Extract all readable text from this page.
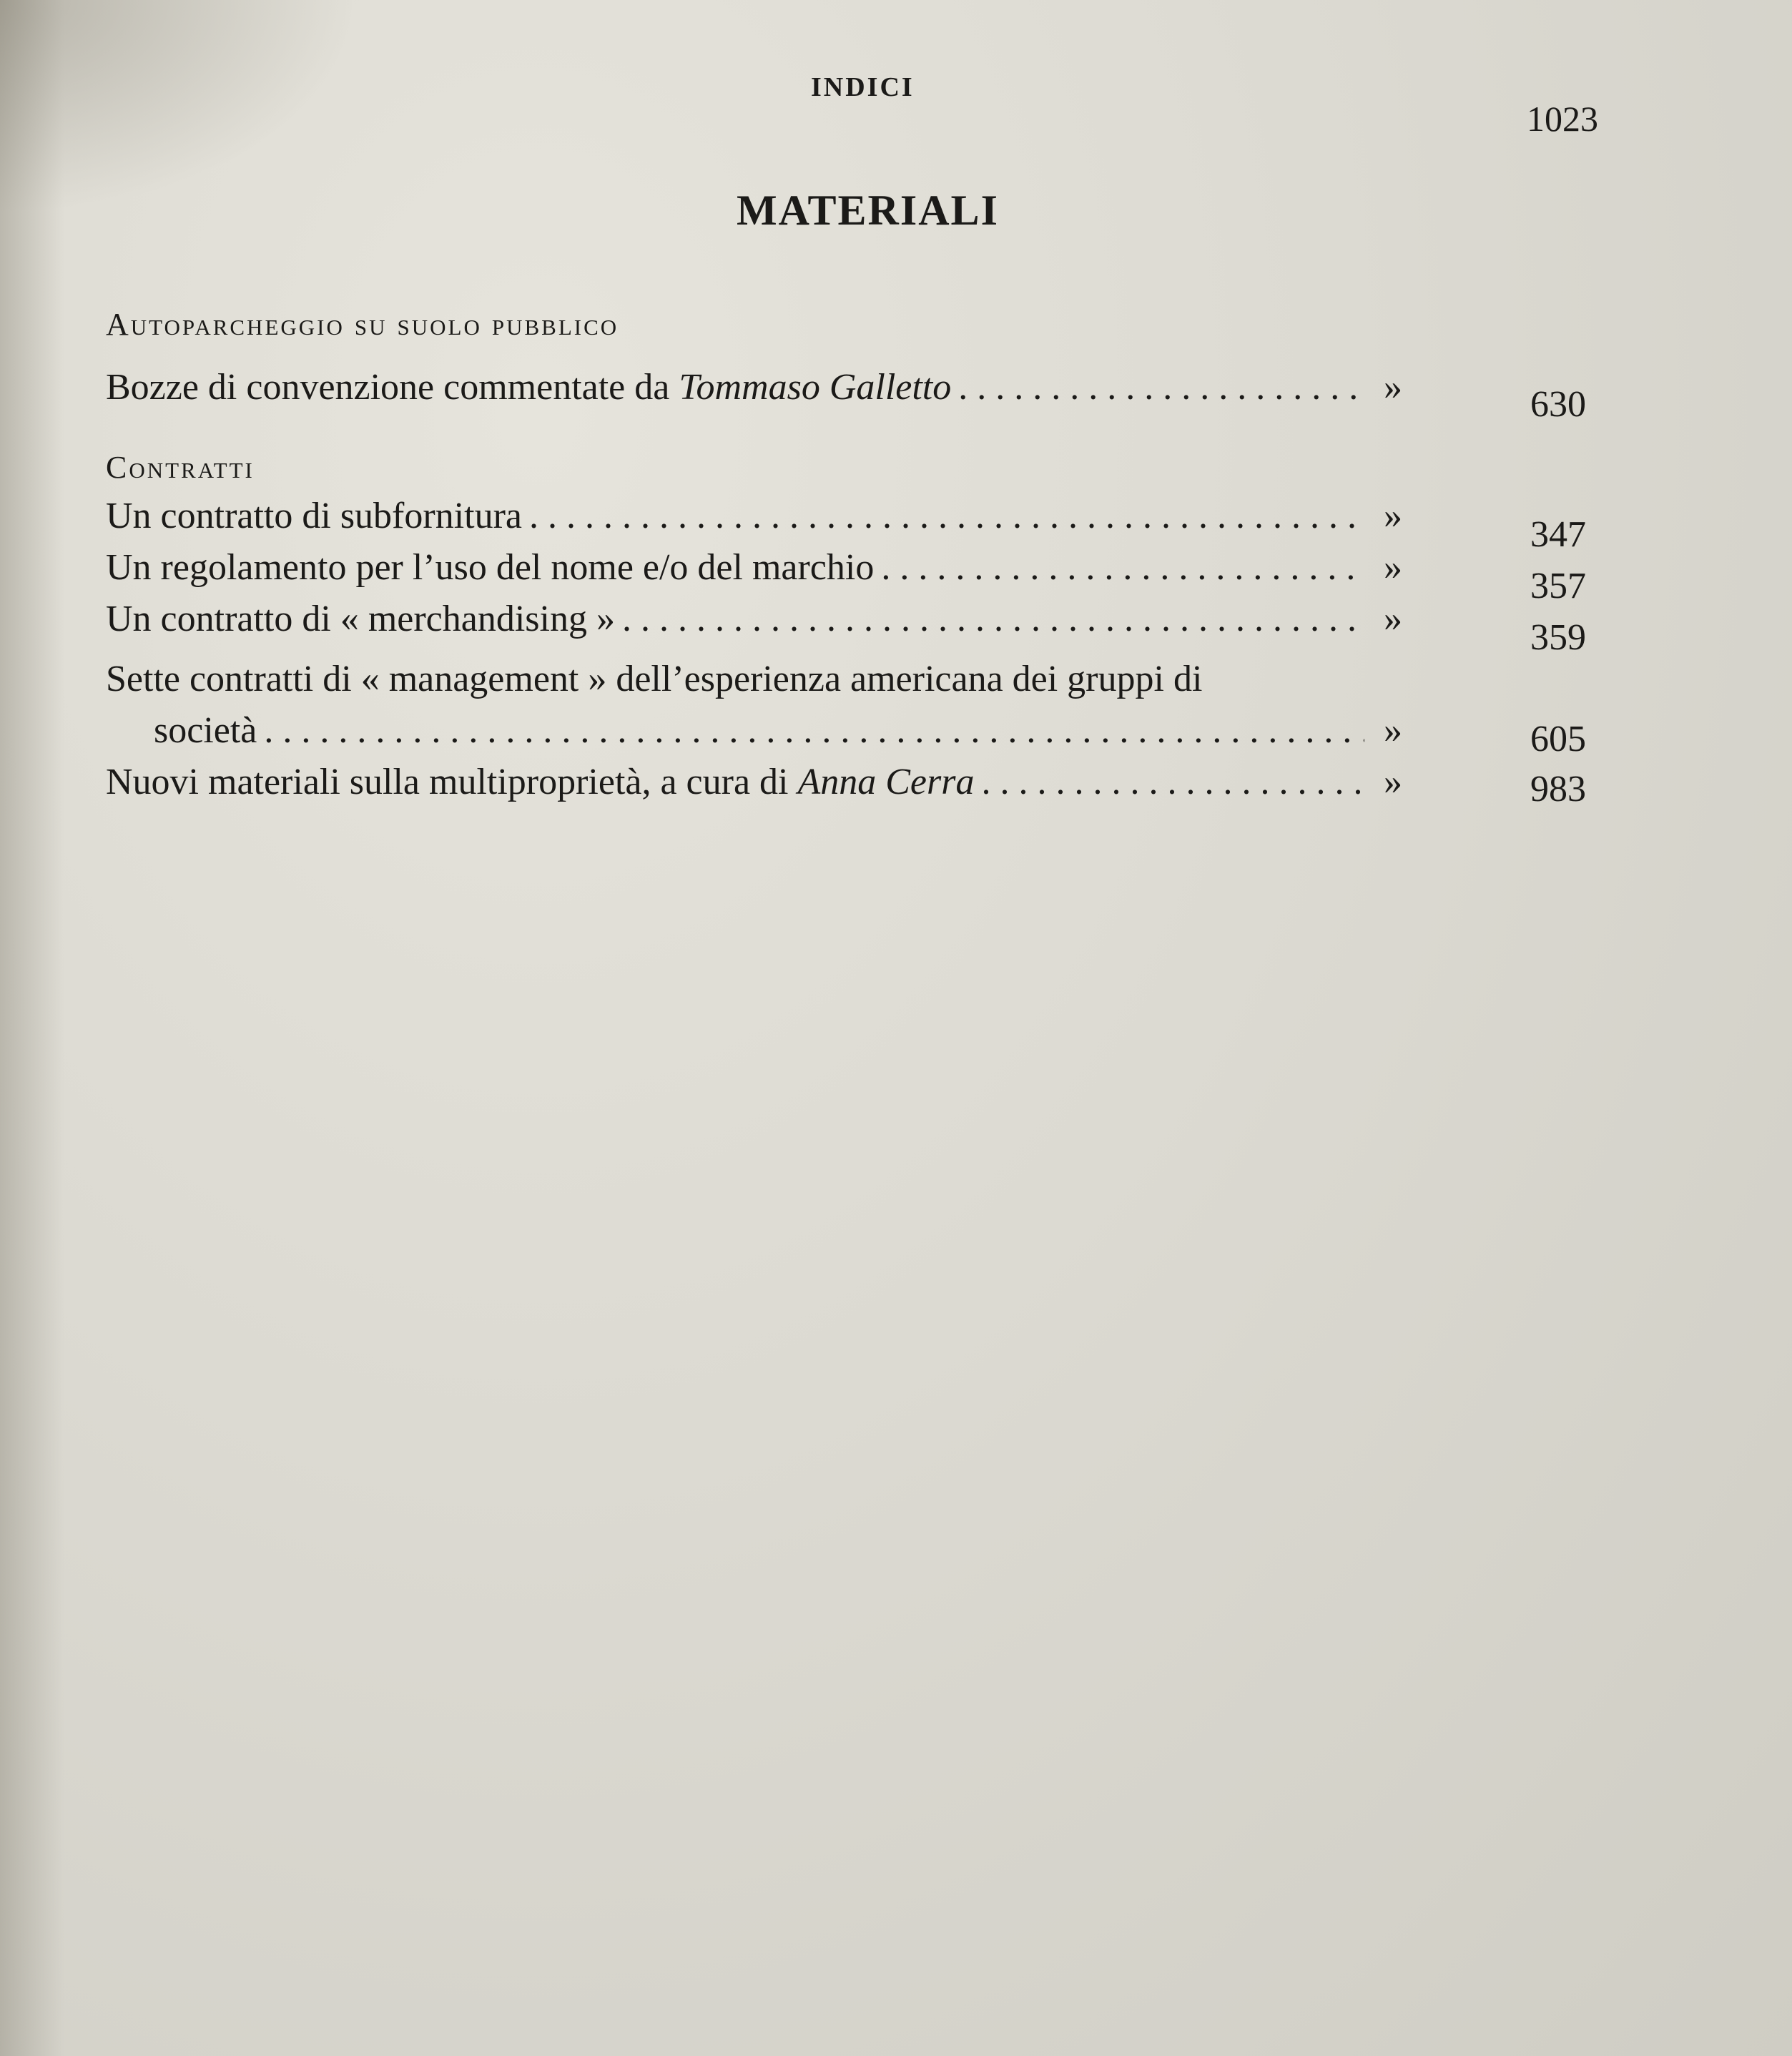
INDICI
1023
MATERIALI
Autoparcheggio su suolo pubblico
Bozze di convenzione commentate da Tommaso Galletto . . .	»	630
Contratti
Un contratto di subfornitura . . .	»	347
Un regolamento per l’uso del nome e/o del marchio . . .	»	357
Un contratto di « merchandising » . . .	»	359
Sette contratti di « management » dell’esperienza americana dei gruppi di
società . . .	»	605
Nuovi materiali sulla multiproprietà, a cura di Anna Cerra . . .	»	983
